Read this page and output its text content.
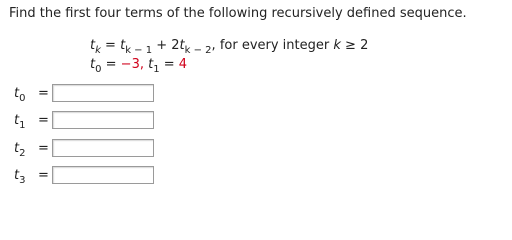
Find the first four terms of the following recursively defined sequence.
$t_k = t_{k - 1} + 2t_{k - 2}$, for every integer k ≥ 2
$t_0 = -3$, $t_1 = 4$
$t_0$ =
$t_1$ =
$t_2$ =
$t_3$ =
